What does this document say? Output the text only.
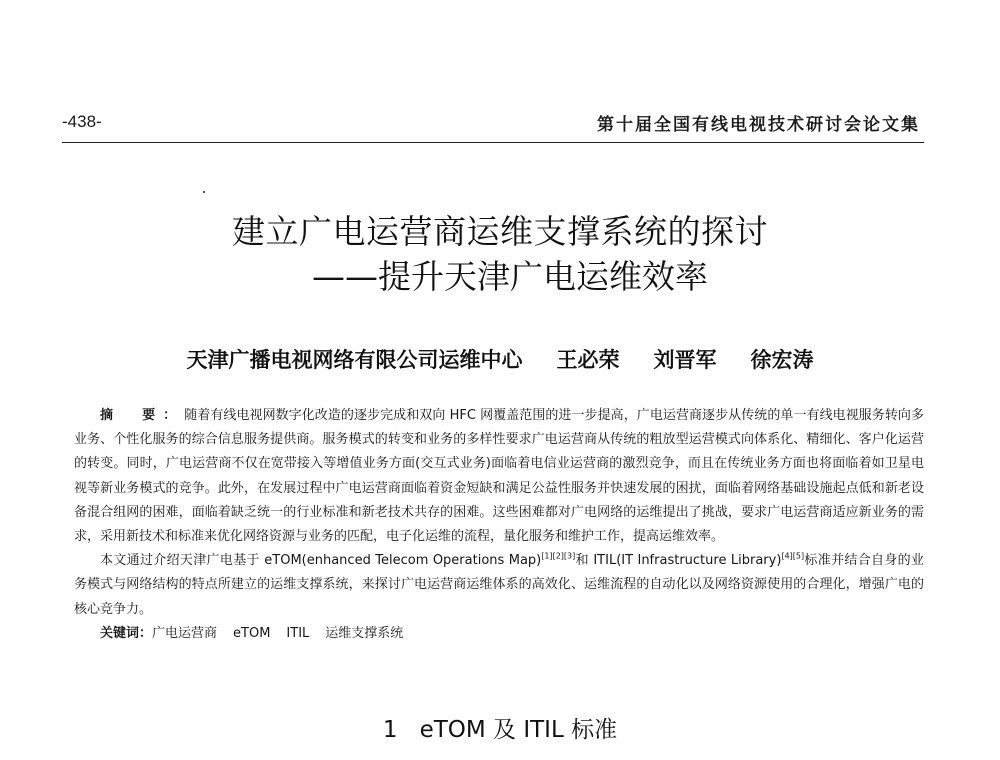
-438-	第十届全国有线电视技术研讨会论文集
建立广电运营商运维支撑系统的探讨
——提升天津广电运维效率
天津广播电视网络有限公司运维中心 王必荣 刘晋军 徐宏涛

摘　要：随着有线电视网数字化改造的逐步完成和双向 HFC 网覆盖范围的进一步提高，广电运营商逐步从传统的单一有线电视服务转向多业务、个性化服务的综合信息服务提供商。服务模式的转变和业务的多样性要求广电运营商从传统的粗放型运营模式向体系化、精细化、客户化运营的转变。同时，广电运营商不仅在宽带接入等增值业务方面(交互式业务)面临着电信业运营商的激烈竞争，而且在传统业务方面也将面临着如卫星电视等新业务模式的竞争。此外，在发展过程中广电运营商面临着资金短缺和满足公益性服务并快速发展的困扰，面临着网络基础设施起点低和新老设备混合组网的困难，面临着缺乏统一的行业标准和新老技术共存的困难。这些困难都对广电网络的运维提出了挑战，要求广电运营商适应新业务的需求，采用新技术和标准来优化网络资源与业务的匹配，电子化运维的流程，量化服务和维护工作，提高运维效率。

本文通过介绍天津广电基于 eTOM(enhanced Telecom Operations Map)[1][2][3]和 ITIL(IT Infrastructure Library)[4][5]标准并结合自身的业务模式与网络结构的特点所建立的运维支撑系统，来探讨广电运营商运维体系的高效化、运维流程的自动化以及网络资源使用的合理化，增强广电的核心竞争力。

关键词：广电运营商 eTOM ITIL 运维支撑系统

1 eTOM 及 ITIL 标准
